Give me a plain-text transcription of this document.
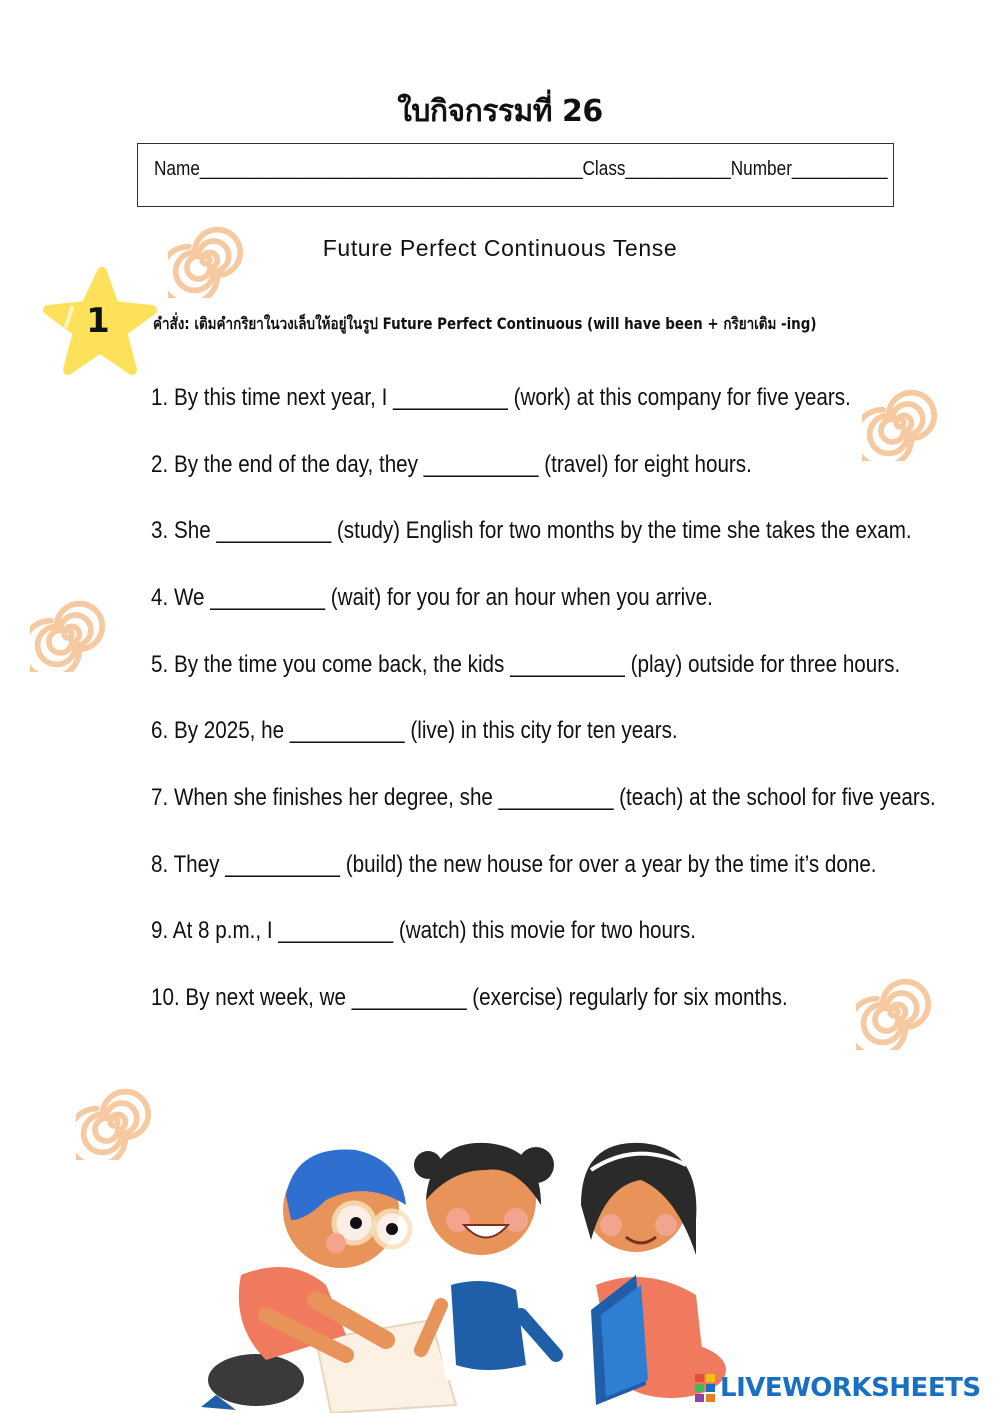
ใบกิจกรรมที่ 26
Name________________________________________Class___________Number__________
Future Perfect Continuous Tense
1	คำสั่ง: เติมคำกริยาในวงเล็บให้อยู่ในรูป Future Perfect Continuous (will have been + กริยาเติม -ing)
1. By this time next year, I __________ (work) at this company for five years.
2. By the end of the day, they __________ (travel) for eight hours.
3. She __________ (study) English for two months by the time she takes the exam.
4. We __________ (wait) for you for an hour when you arrive.
5. By the time you come back, the kids __________ (play) outside for three hours.
6. By 2025, he __________ (live) in this city for ten years.
7. When she finishes her degree, she __________ (teach) at the school for five years.
8. They __________ (build) the new house for over a year by the time it’s done.
9. At 8 p.m., I __________ (watch) this movie for two hours.
10. By next week, we __________ (exercise) regularly for six months.
LIVEWORKSHEETS
